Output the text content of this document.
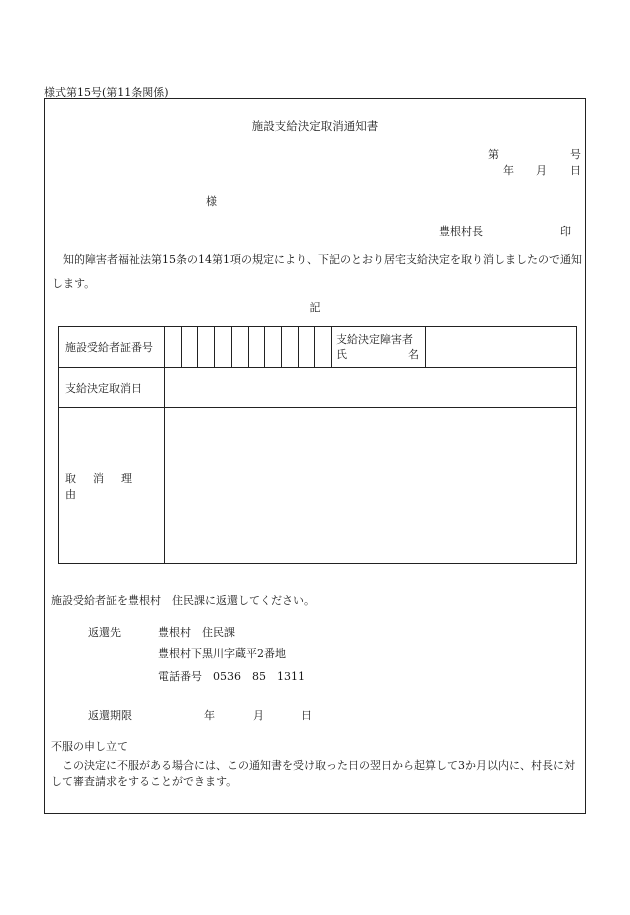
様式第15号(第11条関係)
施設支給決定取消通知書
第	号
年 月 日
様
豊根村長	印
知的障害者福祉法第15条の14第1項の規定により、下記のとおり居宅支給決定を取り消しましたので通知します。
記
施設受給者証番号		支給決定障害者
氏 名	

支給決定取消日			

取消理由			
施設受給者証を豊根村　住民課に返還してください。
返還先	豊根村　住民課
豊根村下黒川字蔵平2番地
電話番号　0536　85　1311
返還期限	年	月	日
不服の申し立て
この決定に不服がある場合には、この通知書を受け取った日の翌日から起算して3か月以内に、村長に対して審査請求をすることができます。
